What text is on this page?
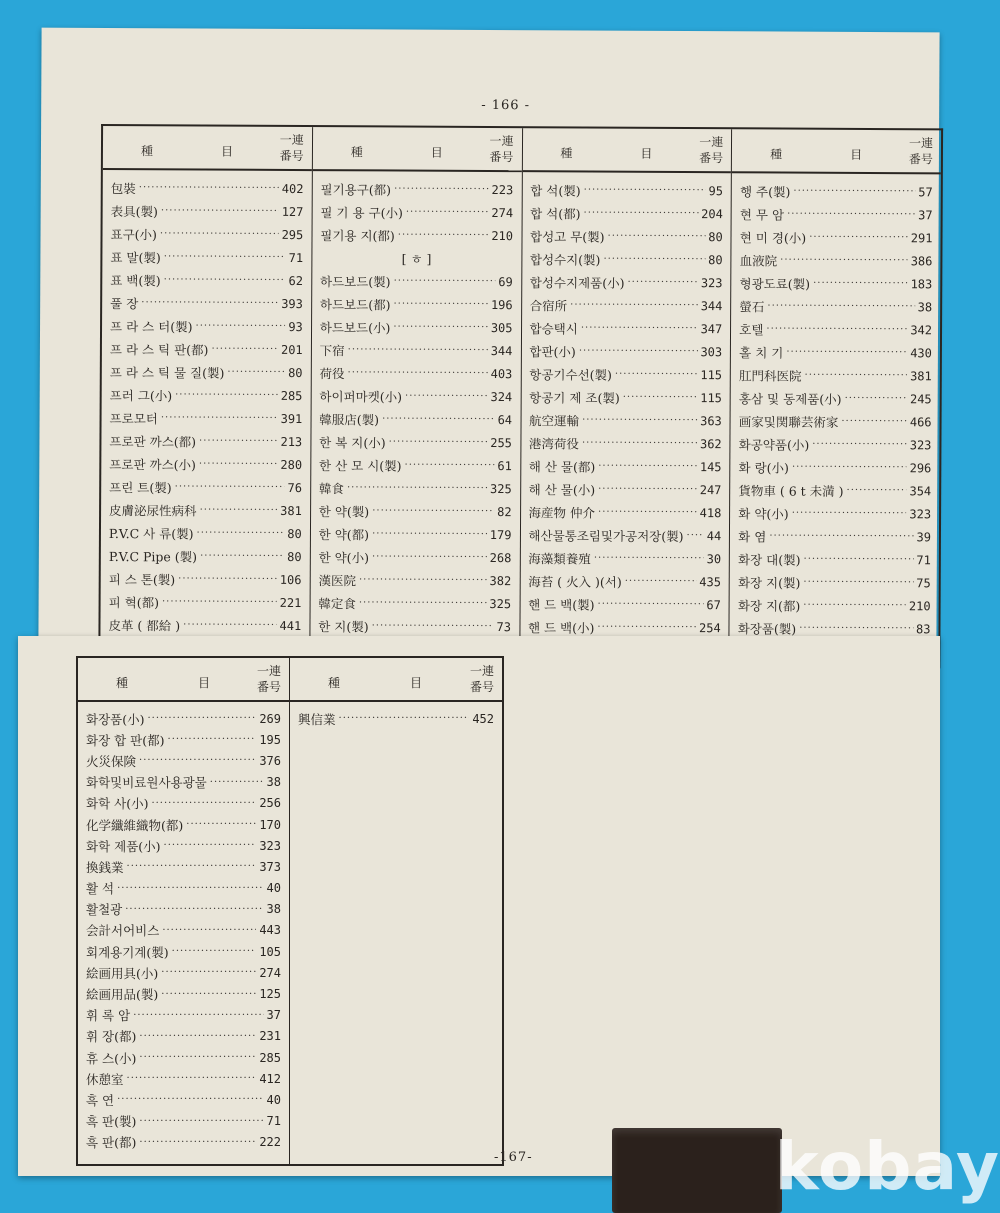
- 166 -
種	目
一連 番号
包裝 ·····	402
表具(製) ·····	127
표구(小) ·····	295
표 말(製) ·····	71
표 백(製) ·····	62
풀 장 ·····	393
프 라 스 터(製) ·····	93
프 라 스 틱 판(都) ·····	201
프 라 스 틱 물 질(製) ·····	80
프러 그(小) ·····	285
프로모터 ·····	391
프로판 까스(都) ·····	213
프로판 까스(小) ·····	280
프린 트(製) ·····	76
皮膚泌尿性病科 ·····	381
P.V.C 사 류(製) ·····	80
P.V.C Pipe (製) ·····	80
피 스 톤(製) ·····	106
피 혁(都) ·····	221
皮革 ( 都給 ) ·····	441
種	目
一連 番号
필기용구(都) ·····	223
필 기 용 구(小) ·····	274
필기용 지(都) ·····	210
[ ㅎ ]
하드보드(製) ·····	69
하드보드(都) ·····	196
하드보드(小) ·····	305
下宿 ·····	344
荷役 ·····	403
하이퍼마켓(小) ·····	324
韓服店(製) ·····	64
한 복 지(小) ·····	255
한 산 모 시(製) ·····	61
韓食 ·····	325
한 약(製) ·····	82
한 약(都) ·····	179
한 약(小) ·····	268
漢医院 ·····	382
韓定食 ·····	325
한 지(製) ·····	73
種	目
一連 番号
합 석(製) ·····	95
합 석(都) ·····	204
합성고 무(製) ·····	80
합성수지(製) ·····	80
합성수지제품(小) ·····	323
合宿所 ·····	344
합승택시 ·····	347
합판(小) ·····	303
항공기수선(製) ·····	115
항공기 제 조(製) ·····	115
航空運輸 ·····	363
港湾荷役 ·····	362
해 산 물(都) ·····	145
해 산 물(小) ·····	247
海産物 仲介 ·····	418
해산물통조림및가공저장(製) ····· 44
海藻類養殖 ·····	30
海苔 ( 火入 )(서) ·····	435
핸 드 백(製) ·····	67
핸 드 백(小) ·····	254
種	目
一連 番号
행 주(製) ·····	57
현 무 암 ·····	37
현 미 경(小) ·····	291
血液院 ·····	386
형광도료(製) ·····	183
螢石 ·····	38
호텔 ·····	342
홀 치 기 ·····	430
肛門科医院 ·····	381
홍삼 및 동제품(小) ·····	245
画家및関聯芸術家 ·····	466
화공약품(小) ·····	323
화 랑(小) ·····	296
貨物車 ( 6 t 未満 ) ·····	354
화 약(小) ·····	323
화 염 ·····	39
화장 대(製) ·····	71
화장 지(製) ·····	75
화장 지(都) ·····	210
화장품(製) ·····	83
種	目
一連 番号
화장품(小) ·····	269
화장 합 판(都) ·····	195
火災保険 ·····	376
화학및비료원사용광물 ·····	38
화학 사(小) ·····	256
化学纖維織物(都) ·····	170
화학 제품(小) ·····	323
換銭業 ·····	373
활 석 ·····	40
활철광 ·····	38
会計서어비스 ·····	443
회계용기계(製) ·····	105
絵画用具(小) ·····	274
絵画用品(製) ·····	125
휘 록 암 ·····	37
휘 장(都) ·····	231
휴 스(小) ·····	285
休憩室 ·····	412
흑 연 ·····	40
흑 판(製) ·····	71
흑 판(都) ·····	222
種	目
一連 番号
興信業 ·····	452
-167-	kobay
